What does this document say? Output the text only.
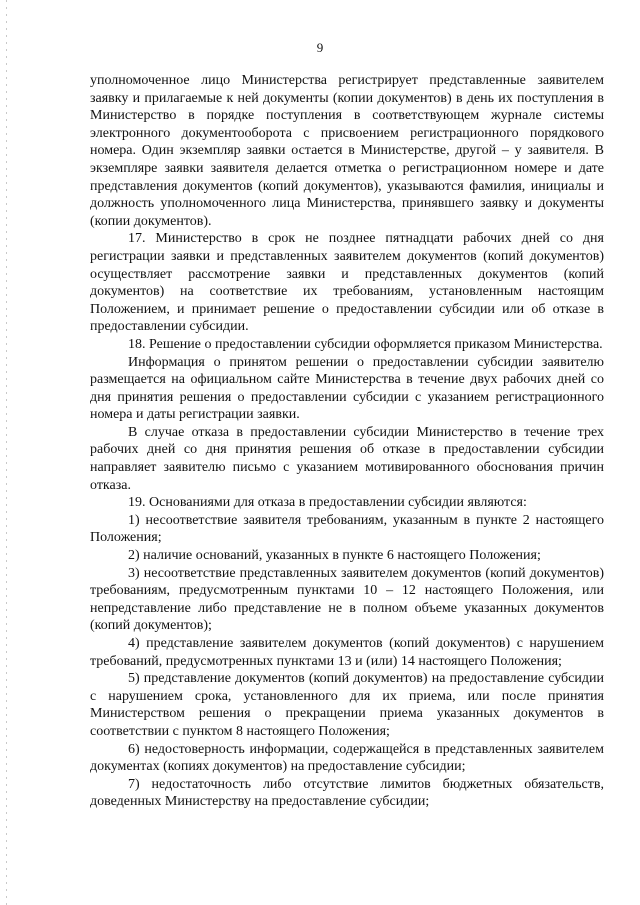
9

уполномоченное лицо Министерства регистрирует представленные заявителем заявку и прилагаемые к ней документы (копии документов) в день их поступления в Министерство в порядке поступления в соответствующем журнале системы электронного документооборота с присвоением регистрационного порядкового номера. Один экземпляр заявки остается в Министерстве, другой – у заявителя. В экземпляре заявки заявителя делается отметка о регистрационном номере и дате представления документов (копий документов), указываются фамилия, инициалы и должность уполномоченного лица Министерства, принявшего заявку и документы (копии документов).

17. Министерство в срок не позднее пятнадцати рабочих дней со дня регистрации заявки и представленных заявителем документов (копий документов) осуществляет рассмотрение заявки и представленных документов (копий документов) на соответствие их требованиям, установленным настоящим Положением, и принимает решение о предоставлении субсидии или об отказе в предоставлении субсидии.

18. Решение о предоставлении субсидии оформляется приказом Министерства.

Информация о принятом решении о предоставлении субсидии заявителю размещается на официальном сайте Министерства в течение двух рабочих дней со дня принятия решения о предоставлении субсидии с указанием регистрационного номера и даты регистрации заявки.

В случае отказа в предоставлении субсидии Министерство в течение трех рабочих дней со дня принятия решения об отказе в предоставлении субсидии направляет заявителю письмо с указанием мотивированного обоснования причин отказа.

19. Основаниями для отказа в предоставлении субсидии являются:

1) несоответствие заявителя требованиям, указанным в пункте 2 настоящего Положения;

2) наличие оснований, указанных в пункте 6 настоящего Положения;

3) несоответствие представленных заявителем документов (копий документов) требованиям, предусмотренным пунктами 10 – 12 настоящего Положения, или непредставление либо представление не в полном объеме указанных документов (копий документов);

4) представление заявителем документов (копий документов) с нарушением требований, предусмотренных пунктами 13 и (или) 14 настоящего Положения;

5) представление документов (копий документов) на предоставление субсидии с нарушением срока, установленного для их приема, или после принятия Министерством решения о прекращении приема указанных документов в соответствии с пунктом 8 настоящего Положения;

6) недостоверность информации, содержащейся в представленных заявителем документах (копиях документов) на предоставление субсидии;

7) недостаточность либо отсутствие лимитов бюджетных обязательств, доведенных Министерству на предоставление субсидии;
